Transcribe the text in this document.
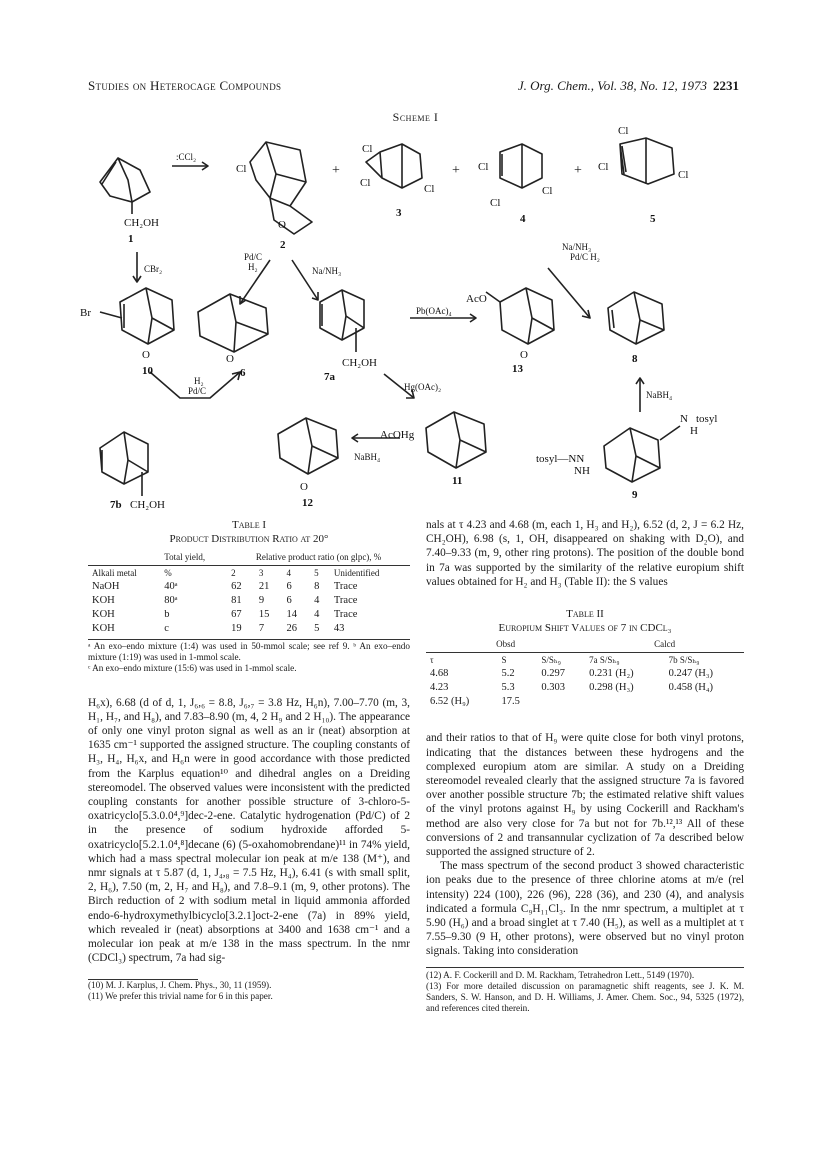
Studies on Heterocage Compounds	J. Org. Chem., Vol. 38, No. 12, 1973 2231
Scheme I
CH₂OH
1
:CCl₂
Cl
O
2
+
Cl
Cl	Cl
3
+ Cl
Cl
Cl
4
+
Cl
Cl
Cl
5
CBr₂
Pd/C
H₂	Na/NH₃
Na/NH₃
Pd/C H₂
Br
O
10
O
6
CH₂OH
7a
Pb(OAc)₄
AcO
O
13
8
NaBH₄
H₂
Pd/C	Hg(OAc)₂
CH₂OH
7b
NaBH₄
O
12
AcOHg
11
N tosyl
H
tosyl—NN
NH
9
Table I
Product Distribution Ratio at 20°
	Total yield,	Relative product ratio (on glpc), %				
Alkali metal	%	2	3	4	5	Unidentified
NaOH	40ᵃ	62	21	6	8	Trace
KOH	80ᵃ	81	9	6	4	Trace
KOH	b	67	15	14	4	Trace
KOH	c	19	7	26	5	43
ᵃ An exo–endo mixture (1:4) was used in 50-mmol scale; see ref 9. ᵇ An exo–endo mixture (1:19) was used in 1-mmol scale.
ᶜ An exo–endo mixture (15:6) was used in 1-mmol scale.

H₆x), 6.68 (d of d, 1, J₆,₆ = 8.8, J₆,₇ = 3.8 Hz, H₆n), 7.00–7.70 (m, 3, H₁, H₇, and H₈), and 7.83–8.90 (m, 4, 2 H₉ and 2 H₁₀). The appearance of only one vinyl proton signal as well as an ir (neat) absorption at 1635 cm⁻¹ supported the assigned structure. The coupling constants of H₃, H₄, H₆x, and H₆n were in good accordance with those predicted from the Karplus equation¹⁰ and dihedral angles on a Dreiding stereomodel. The observed values were inconsistent with the predicted coupling constants for another possible structure of 3-chloro-5-oxatricyclo[5.3.0.0⁴,⁹]dec-2-ene. Catalytic hydrogenation (Pd/C) of 2 in the presence of sodium hydroxide afforded 5-oxatricyclo[5.2.1.0⁴,⁸]decane (6) (5-oxahomobrendane)¹¹ in 74% yield, which had a mass spectral molecular ion peak at m/e 138 (M⁺), and nmr signals at τ 5.87 (d, 1, J₄,₈ = 7.5 Hz, H₄), 6.41 (s with small split, 2, H₆), 7.50 (m, 2, H₇ and H₈), and 7.8–9.1 (m, 9, other protons). The Birch reduction of 2 with sodium metal in liquid ammonia afforded endo-6-hydroxymethylbicyclo[3.2.1]oct-2-ene (7a) in 89% yield, which revealed ir (neat) absorptions at 3400 and 1638 cm⁻¹ and a molecular ion peak at m/e 138 in the mass spectrum. In the nmr (CDCl₃) spectrum, 7a had sig-

(10) M. J. Karplus, J. Chem. Phys., 30, 11 (1959).
(11) We prefer this trivial name for 6 in this paper.

nals at τ 4.23 and 4.68 (m, each 1, H₃ and H₂), 6.52 (d, 2, J = 6.2 Hz, CH₂OH), 6.98 (s, 1, OH, disappeared on shaking with D₂O), and 7.40–9.33 (m, 9, other ring protons). The position of the double bond in 7a was supported by the similarity of the relative europium shift values obtained for H₂ and H₃ (Table II): the S values

Table II
Europium Shift Values of 7 in CDCl₃
Obsd			Calcd	
τ	S	S/Sₕ₉	7a S/Sₕ₉	7b S/Sₕ₉
4.68	5.2	0.297	0.231 (H₂)	0.247 (H₃)
4.23	5.3	0.303	0.298 (H₃)	0.458 (H₄)
6.52 (H₉)	17.5			

and their ratios to that of H₉ were quite close for both vinyl protons, indicating that the distances between these hydrogens and the complexed europium atom are similar. A study on a Dreiding stereomodel revealed clearly that the assigned structure 7a is favored over another possible structure 7b; the estimated relative shift values of the vinyl protons against H₉ by using Cockerill and Rackham's method are also very close for 7a but not for 7b.¹²,¹³ All of these conversions of 2 and transannular cyclization of 7a described below supported the assigned structure of 2.

The mass spectrum of the second product 3 showed characteristic ion peaks due to the presence of three chlorine atoms at m/e (rel intensity) 224 (100), 226 (96), 228 (36), and 230 (4), and analysis indicated a formula C₉H₁₁Cl₃. In the nmr spectrum, a multiplet at τ 5.90 (H₆) and a broad singlet at τ 7.40 (H₅), as well as a multiplet at τ 7.55–9.30 (9 H, other protons), were observed but no vinyl proton signals. Taking into consideration

(12) A. F. Cockerill and D. M. Rackham, Tetrahedron Lett., 5149 (1970).
(13) For more detailed discussion on paramagnetic shift reagents, see J. K. M. Sanders, S. W. Hanson, and D. H. Williams, J. Amer. Chem. Soc., 94, 5325 (1972), and references cited therein.
